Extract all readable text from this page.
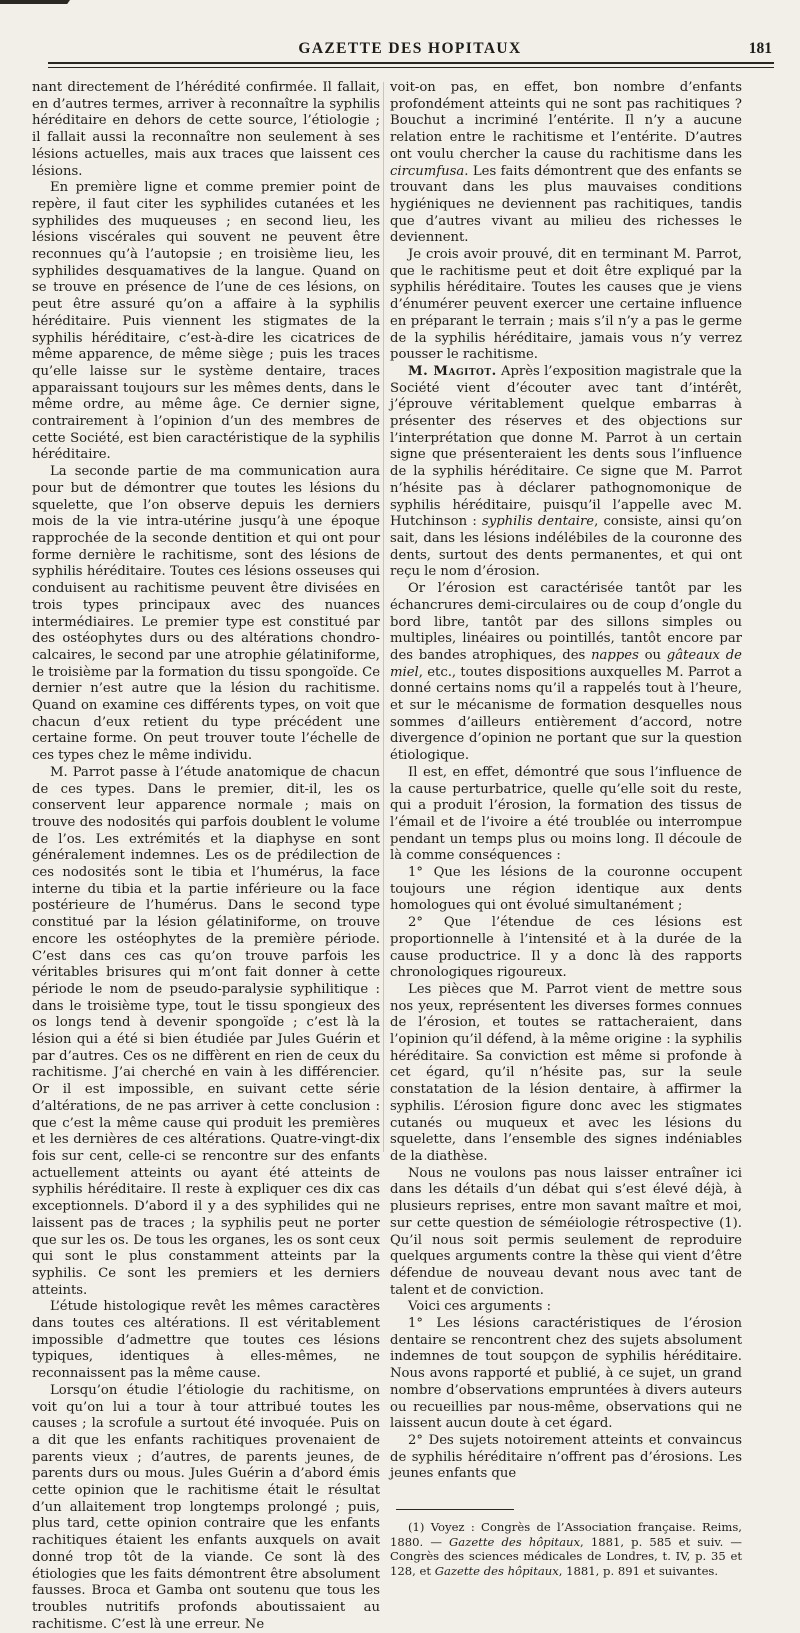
GAZETTE DES HOPITAUX	181

nant directement de l’hérédité confirmée. Il fallait, en d’autres termes, arriver à reconnaître la syphilis héréditaire en dehors de cette source, l’étiologie ; il fallait aussi la reconnaître non seulement à ses lésions actuelles, mais aux traces que laissent ces lésions.

En première ligne et comme premier point de repère, il faut citer les syphilides cutanées et les syphilides des muqueuses ; en second lieu, les lésions viscérales qui souvent ne peuvent être reconnues qu’à l’autopsie ; en troisième lieu, les syphilides desquamatives de la langue. Quand on se trouve en présence de l’une de ces lésions, on peut être assuré qu’on a affaire à la syphilis héréditaire. Puis viennent les stigmates de la syphilis héréditaire, c’est-à-dire les cicatrices de même apparence, de même siège ; puis les traces qu’elle laisse sur le système dentaire, traces apparaissant toujours sur les mêmes dents, dans le même ordre, au même âge. Ce dernier signe, contrairement à l’opinion d’un des membres de cette Société, est bien caractéristique de la syphilis héréditaire.

La seconde partie de ma communication aura pour but de démontrer que toutes les lésions du squelette, que l’on observe depuis les derniers mois de la vie intra-utérine jusqu’à une époque rapprochée de la seconde dentition et qui ont pour forme dernière le rachitisme, sont des lésions de syphilis héréditaire. Toutes ces lésions osseuses qui conduisent au rachitisme peuvent être divisées en trois types principaux avec des nuances intermédiaires. Le premier type est constitué par des ostéophytes durs ou des altérations chondro-calcaires, le second par une atrophie gélatiniforme, le troisième par la formation du tissu spongoïde. Ce dernier n’est autre que la lésion du rachitisme. Quand on examine ces différents types, on voit que chacun d’eux retient du type précédent une certaine forme. On peut trouver toute l’échelle de ces types chez le même individu.

M. Parrot passe à l’étude anatomique de chacun de ces types. Dans le premier, dit-il, les os conservent leur apparence normale ; mais on trouve des nodosités qui parfois doublent le volume de l’os. Les extrémités et la diaphyse en sont généralement indemnes. Les os de prédilection de ces nodosités sont le tibia et l’humérus, la face interne du tibia et la partie inférieure ou la face postérieure de l’humérus. Dans le second type constitué par la lésion gélatiniforme, on trouve encore les ostéophytes de la première période. C’est dans ces cas qu’on trouve parfois les véritables brisures qui m’ont fait donner à cette période le nom de pseudo-paralysie syphilitique : dans le troisième type, tout le tissu spongieux des os longs tend à devenir spongoïde ; c’est là la lésion qui a été si bien étudiée par Jules Guérin et par d’autres. Ces os ne diffèrent en rien de ceux du rachitisme. J’ai cherché en vain à les différencier. Or il est impossible, en suivant cette série d’altérations, de ne pas arriver à cette conclusion : que c’est la même cause qui produit les premières et les dernières de ces altérations. Quatre-vingt-dix fois sur cent, celle-ci se rencontre sur des enfants actuellement atteints ou ayant été atteints de syphilis héréditaire. Il reste à expliquer ces dix cas exceptionnels. D’abord il y a des syphilides qui ne laissent pas de traces ; la syphilis peut ne porter que sur les os. De tous les organes, les os sont ceux qui sont le plus constamment atteints par la syphilis. Ce sont les premiers et les derniers atteints.

L’étude histologique revêt les mêmes caractères dans toutes ces altérations. Il est véritablement impossible d’admettre que toutes ces lésions typiques, identiques à elles-mêmes, ne reconnaissent pas la même cause.

Lorsqu’on étudie l’étiologie du rachitisme, on voit qu’on lui a tour à tour attribué toutes les causes ; la scrofule a surtout été invoquée. Puis on a dit que les enfants rachitiques provenaient de parents vieux ; d’autres, de parents jeunes, de parents durs ou mous. Jules Guérin a d’abord émis cette opinion que le rachitisme était le résultat d’un allaitement trop longtemps prolongé ; puis, plus tard, cette opinion contraire que les enfants rachitiques étaient les enfants auxquels on avait donné trop tôt de la viande. Ce sont là des étiologies que les faits démontrent être absolument fausses. Broca et Gamba ont soutenu que tous les troubles nutritifs profonds aboutissaient au rachitisme. C’est là une erreur. Ne

voit-on pas, en effet, bon nombre d’enfants profondément atteints qui ne sont pas rachitiques ? Bouchut a incriminé l’entérite. Il n’y a aucune relation entre le rachitisme et l’entérite. D’autres ont voulu chercher la cause du rachitisme dans les circumfusa. Les faits démontrent que des enfants se trouvant dans les plus mauvaises conditions hygiéniques ne deviennent pas rachitiques, tandis que d’autres vivant au milieu des richesses le deviennent.

Je crois avoir prouvé, dit en terminant M. Parrot, que le rachitisme peut et doit être expliqué par la syphilis héréditaire. Toutes les causes que je viens d’énumérer peuvent exercer une certaine influence en préparant le terrain ; mais s’il n’y a pas le germe de la syphilis héréditaire, jamais vous n’y verrez pousser le rachitisme.

M. Magitot. Après l’exposition magistrale que la Société vient d’écouter avec tant d’intérêt, j’éprouve véritablement quelque embarras à présenter des réserves et des objections sur l’interprétation que donne M. Parrot à un certain signe que présenteraient les dents sous l’influence de la syphilis héréditaire. Ce signe que M. Parrot n’hésite pas à déclarer pathognomonique de syphilis héréditaire, puisqu’il l’appelle avec M. Hutchinson : syphilis dentaire, consiste, ainsi qu’on sait, dans les lésions indélébiles de la couronne des dents, surtout des dents permanentes, et qui ont reçu le nom d’érosion.

Or l’érosion est caractérisée tantôt par les échancrures demi-circulaires ou de coup d’ongle du bord libre, tantôt par des sillons simples ou multiples, linéaires ou pointillés, tantôt encore par des bandes atrophiques, des nappes ou gâteaux de miel, etc., toutes dispositions auxquelles M. Parrot a donné certains noms qu’il a rappelés tout à l’heure, et sur le mécanisme de formation desquelles nous sommes d’ailleurs entièrement d’accord, notre divergence d’opinion ne portant que sur la question étiologique.

Il est, en effet, démontré que sous l’influence de la cause perturbatrice, quelle qu’elle soit du reste, qui a produit l’érosion, la formation des tissus de l’émail et de l’ivoire a été troublée ou interrompue pendant un temps plus ou moins long. Il découle de là comme conséquences :

1° Que les lésions de la couronne occupent toujours une région identique aux dents homologues qui ont évolué simultanément ;

2° Que l’étendue de ces lésions est proportionnelle à l’intensité et à la durée de la cause productrice. Il y a donc là des rapports chronologiques rigoureux.

Les pièces que M. Parrot vient de mettre sous nos yeux, représentent les diverses formes connues de l’érosion, et toutes se rattacheraient, dans l’opinion qu’il défend, à la même origine : la syphilis héréditaire. Sa conviction est même si profonde à cet égard, qu’il n’hésite pas, sur la seule constatation de la lésion dentaire, à affirmer la syphilis. L’érosion figure donc avec les stigmates cutanés ou muqueux et avec les lésions du squelette, dans l’ensemble des signes indéniables de la diathèse.

Nous ne voulons pas nous laisser entraîner ici dans les détails d’un débat qui s’est élevé déjà, à plusieurs reprises, entre mon savant maître et moi, sur cette question de séméiologie rétrospective (1). Qu’il nous soit permis seulement de reproduire quelques arguments contre la thèse qui vient d’être défendue de nouveau devant nous avec tant de talent et de conviction.

Voici ces arguments :

1° Les lésions caractéristiques de l’érosion dentaire se rencontrent chez des sujets absolument indemnes de tout soupçon de syphilis héréditaire. Nous avons rapporté et publié, à ce sujet, un grand nombre d’observations empruntées à divers auteurs ou recueillies par nous-même, observations qui ne laissent aucun doute à cet égard.

2° Des sujets notoirement atteints et convaincus de syphilis héréditaire n’offrent pas d’érosions. Les jeunes enfants que

(1) Voyez : Congrès de l’Association française. Reims, 1880. — Gazette des hôpitaux, 1881, p. 585 et suiv. — Congrès des sciences médicales de Londres, t. IV, p. 35 et 128, et Gazette des hôpitaux, 1881, p. 891 et suivantes.
